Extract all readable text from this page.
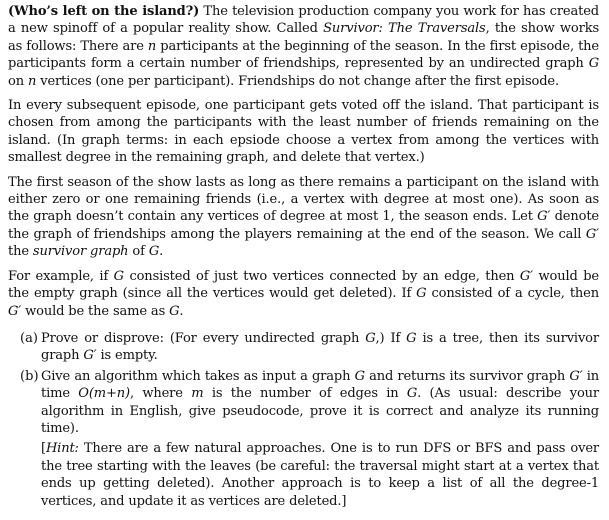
(Who’s left on the island?) The television production company you work for has created a new spinoff of a popular reality show. Called Survivor: The Traversals, the show works as follows: There are n participants at the beginning of the season. In the first episode, the participants form a certain number of friendships, represented by an undirected graph G on n vertices (one per participant). Friendships do not change after the first episode.

In every subsequent episode, one participant gets voted off the island. That participant is chosen from among the participants with the least number of friends remaining on the island. (In graph terms: in each epsiode choose a vertex from among the vertices with smallest degree in the remaining graph, and delete that vertex.)

The first season of the show lasts as long as there remains a participant on the island with either zero or one remaining friends (i.e., a vertex with degree at most one). As soon as the graph doesn’t contain any vertices of degree at most 1, the season ends. Let G′ denote the graph of friendships among the players remaining at the end of the season. We call G′ the survivor graph of G.

For example, if G consisted of just two vertices connected by an edge, then G′ would be the empty graph (since all the vertices would get deleted). If G consisted of a cycle, then G′ would be the same as G.

(a) Prove or disprove: (For every undirected graph G,) If G is a tree, then its survivor graph G′ is empty.

(b) Give an algorithm which takes as input a graph G and returns its survivor graph G′ in time O(m+n), where m is the number of edges in G. (As usual: describe your algorithm in English, give pseudocode, prove it is correct and analyze its running time).

[Hint: There are a few natural approaches. One is to run DFS or BFS and pass over the tree starting with the leaves (be careful: the traversal might start at a vertex that ends up getting deleted). Another approach is to keep a list of all the degree-1 vertices, and update it as vertices are deleted.]
